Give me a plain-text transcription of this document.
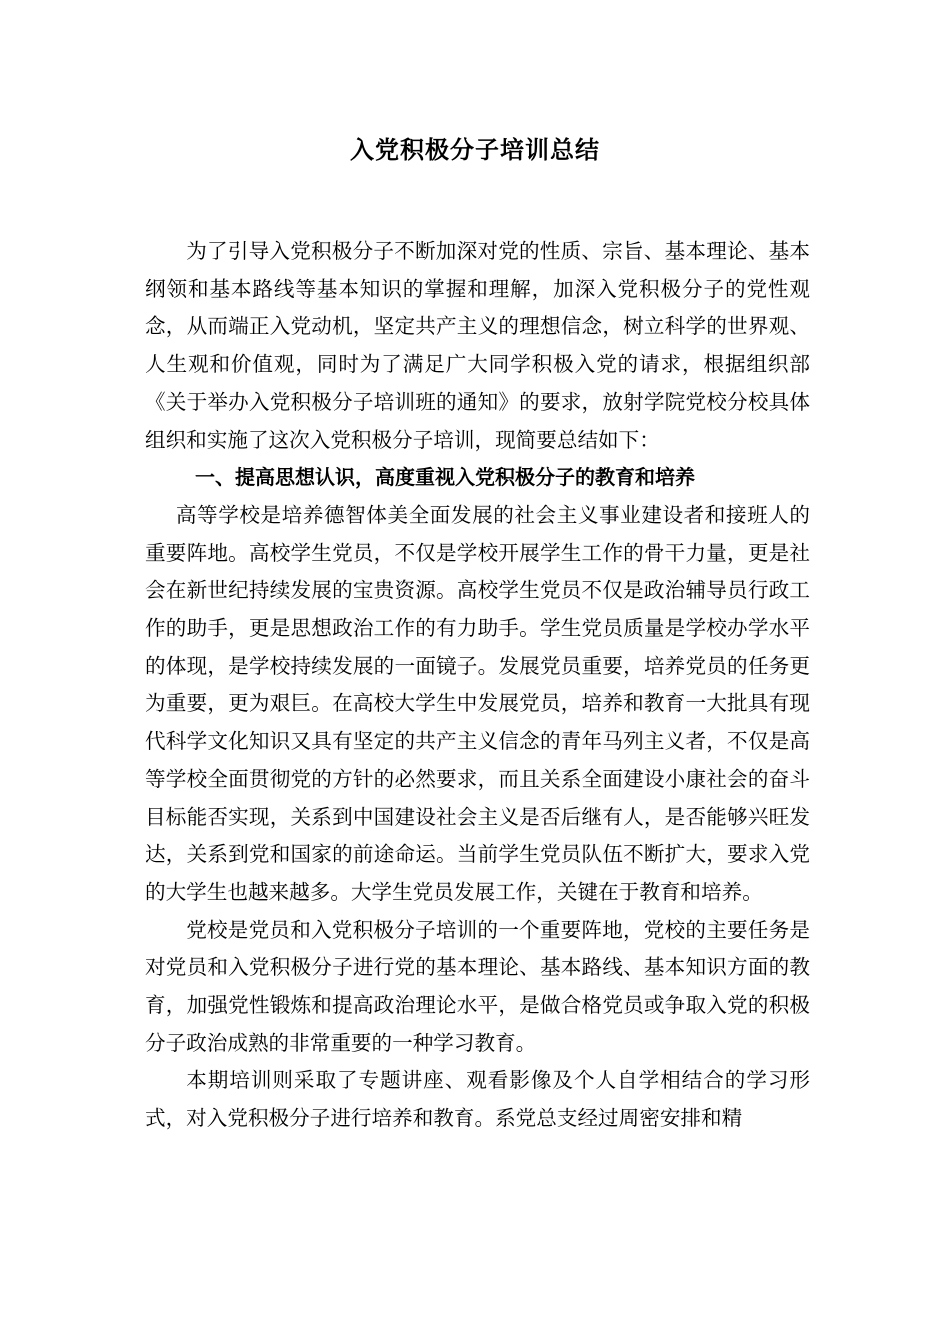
入党积极分子培训总结

为了引导入党积极分子不断加深对党的性质、宗旨、基本理论、基本纲领和基本路线等基本知识的掌握和理解，加深入党积极分子的党性观念，从而端正入党动机，坚定共产主义的理想信念，树立科学的世界观、人生观和价值观，同时为了满足广大同学积极入党的请求，根据组织部《关于举办入党积极分子培训班的通知》的要求，放射学院党校分校具体组织和实施了这次入党积极分子培训，现简要总结如下：

一、提高思想认识，高度重视入党积极分子的教育和培养

高等学校是培养德智体美全面发展的社会主义事业建设者和接班人的重要阵地。高校学生党员，不仅是学校开展学生工作的骨干力量，更是社会在新世纪持续发展的宝贵资源。高校学生党员不仅是政治辅导员行政工作的助手，更是思想政治工作的有力助手。学生党员质量是学校办学水平的体现，是学校持续发展的一面镜子。发展党员重要，培养党员的任务更为重要，更为艰巨。在高校大学生中发展党员，培养和教育一大批具有现代科学文化知识又具有坚定的共产主义信念的青年马列主义者，不仅是高等学校全面贯彻党的方针的必然要求，而且关系全面建设小康社会的奋斗目标能否实现，关系到中国建设社会主义是否后继有人，是否能够兴旺发达，关系到党和国家的前途命运。当前学生党员队伍不断扩大，要求入党的大学生也越来越多。大学生党员发展工作，关键在于教育和培养。

党校是党员和入党积极分子培训的一个重要阵地，党校的主要任务是对党员和入党积极分子进行党的基本理论、基本路线、基本知识方面的教育，加强党性锻炼和提高政治理论水平，是做合格党员或争取入党的积极分子政治成熟的非常重要的一种学习教育。

本期培训则采取了专题讲座、观看影像及个人自学相结合的学习形式，对入党积极分子进行培养和教育。系党总支经过周密安排和精
